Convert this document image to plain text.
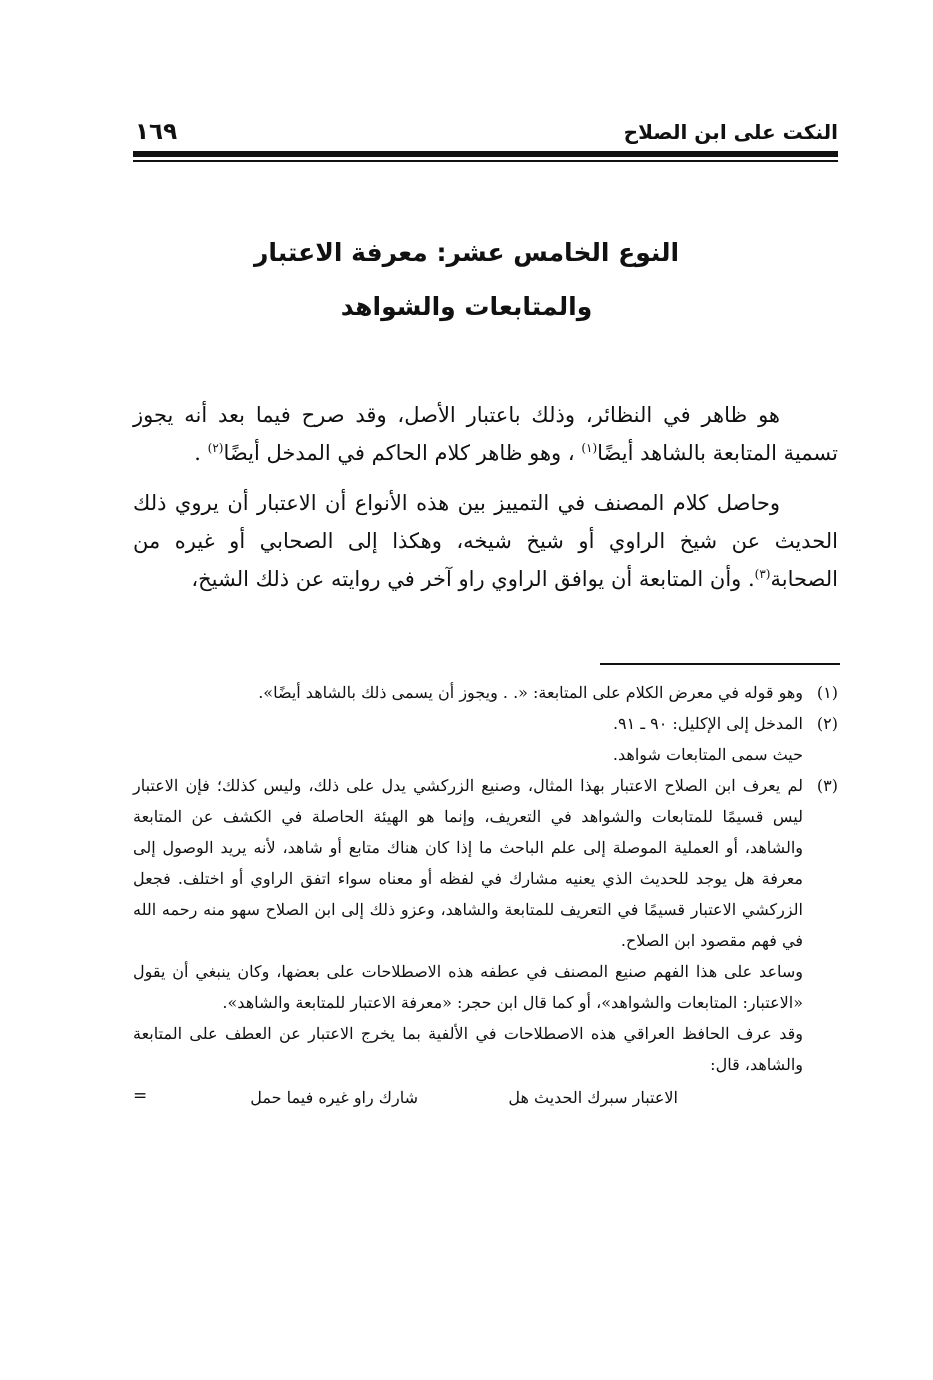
النكت على ابن الصلاح
١٦٩
النوع الخامس عشر: معرفة الاعتبار
والمتابعات والشواهد

هو ظاهر في النظائر، وذلك باعتبار الأصل، وقد صرح فيما بعد أنه يجوز تسمية المتابعة بالشاهد أيضًا$^{(١)}$ ، وهو ظاهر كلام الحاكم في المدخل أيضًا$^{(٢)}$ .

وحاصل كلام المصنف في التمييز بين هذه الأنواع أن الاعتبار أن يروي ذلك الحديث عن شيخ الراوي أو شيخ شيخه، وهكذا إلى الصحابي أو غيره من الصحابة$^{(٣)}$. وأن المتابعة أن يوافق الراوي راو آخر في روايته عن ذلك الشيخ،

(١)
وهو قوله في معرض الكلام على المتابعة: «. . ويجوز أن يسمى ذلك بالشاهد أيضًا».
(٢)
المدخل إلى الإكليل: ٩٠ ـ ٩١.
حيث سمى المتابعات شواهد.
(٣)
لم يعرف ابن الصلاح الاعتبار بهذا المثال، وصنيع الزركشي يدل على ذلك، وليس كذلك؛ فإن الاعتبار ليس قسيمًا للمتابعات والشواهد في التعريف، وإنما هو الهيئة الحاصلة في الكشف عن المتابعة والشاهد، أو العملية الموصلة إلى علم الباحث ما إذا كان هناك متابع أو شاهد، لأنه يريد الوصول إلى معرفة هل يوجد للحديث الذي يعنيه مشارك في لفظه أو معناه سواء اتفق الراوي أو اختلف. فجعل الزركشي الاعتبار قسيمًا في التعريف للمتابعة والشاهد، وعزو ذلك إلى ابن الصلاح سهو منه رحمه الله في فهم مقصود ابن الصلاح.
وساعد على هذا الفهم صنيع المصنف في عطفه هذه الاصطلاحات على بعضها، وكان ينبغي أن يقول «الاعتبار: المتابعات والشواهد»، أو كما قال ابن حجر: «معرفة الاعتبار للمتابعة والشاهد».
وقد عرف الحافظ العراقي هذه الاصطلاحات في الألفية بما يخرج الاعتبار عن العطف على المتابعة والشاهد، قال:
الاعتبار سبرك الحديث هل
شارك راو غيره فيما حمل
=
